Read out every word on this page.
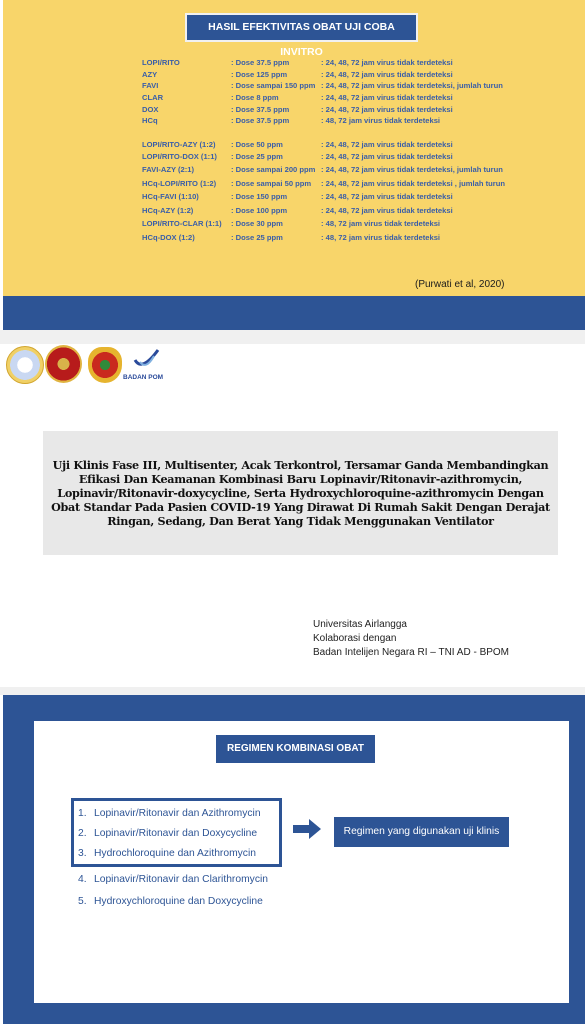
HASIL EFEKTIVITAS OBAT UJI COBA INVITRO
LOPI/RITO	: Dose 37.5 ppm	: 24, 48, 72 jam virus tidak terdeteksi
AZY	: Dose 125 ppm	: 24, 48, 72 jam virus tidak terdeteksi
FAVI	: Dose sampai 150 ppm : 24, 48, 72 jam virus tidak terdeteksi, jumlah turun
CLAR	: Dose 8 ppm	: 24, 48, 72 jam virus tidak terdeteksi
DOX	: Dose 37.5 ppm	: 24, 48, 72 jam virus tidak terdeteksi
HCq	: Dose 37.5 ppm	: 48, 72 jam virus tidak terdeteksi
LOPI/RITO-AZY (1:2) : Dose 50 ppm	: 24, 48, 72 jam virus tidak terdeteksi
LOPI/RITO-DOX (1:1) : Dose 25 ppm	: 24, 48, 72 jam virus tidak terdeteksi
FAVI-AZY (2:1)	: Dose sampai 200 ppm : 24, 48, 72 jam virus tidak terdeteksi, jumlah turun
HCq-LOPI/RITO (1:2) : Dose sampai 50 ppm : 24, 48, 72 jam virus tidak terdeteksi , jumlah turun
HCq-FAVI (1:10)	: Dose 150 ppm	: 24, 48, 72 jam virus tidak terdeteksi
HCq-AZY (1:2)	: Dose 100 ppm	: 24, 48, 72 jam virus tidak terdeteksi
LOPI/RITO-CLAR (1:1) : Dose 30 ppm	: 48, 72 jam virus tidak terdeteksi
HCq-DOX (1:2)	: Dose 25 ppm	: 48, 72 jam virus tidak terdeteksi
(Purwati et al, 2020)
BADAN POM

Uji Klinis Fase III, Multisenter, Acak Terkontrol, Tersamar Ganda Membandingkan Efikasi Dan Keamanan Kombinasi Baru Lopinavir/Ritonavir-azithromycin, Lopinavir/Ritonavir-doxycycline, Serta Hydroxychloroquine-azithromycin Dengan Obat Standar Pada Pasien COVID-19 Yang Dirawat Di Rumah Sakit Dengan Derajat Ringan, Sedang, Dan Berat Yang Tidak Menggunakan Ventilator

Universitas Airlangga
Kolaborasi dengan
Badan Intelijen Negara RI – TNI AD - BPOM
REGIMEN KOMBINASI OBAT
1. Lopinavir/Ritonavir dan Azithromycin
2. Lopinavir/Ritonavir dan Doxycycline
3. Hydrochloroquine dan Azithromycin
4. Lopinavir/Ritonavir dan Clarithromycin
5. Hydroxychloroquine dan Doxycycline
Regimen yang digunakan uji klinis
